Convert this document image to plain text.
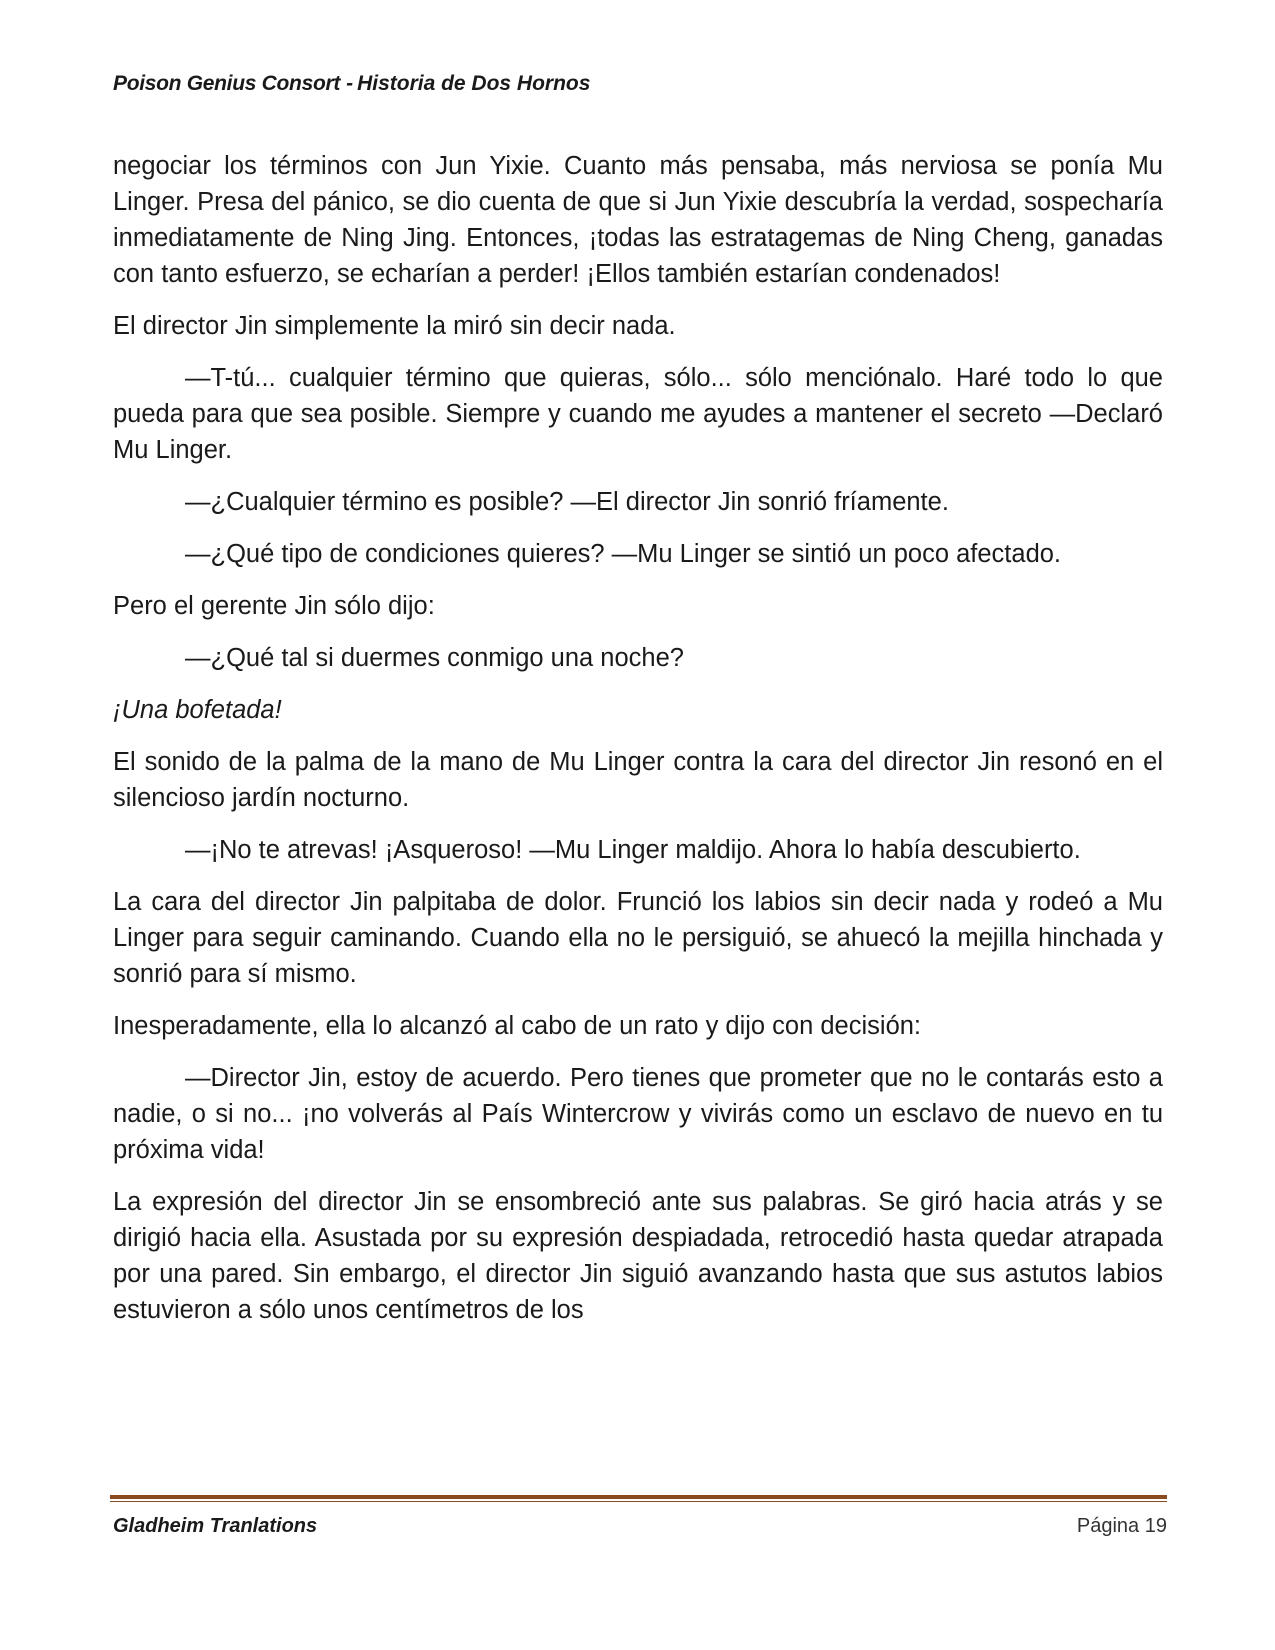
Poison Genius Consort - Historia de Dos Hornos

negociar los términos con Jun Yixie. Cuanto más pensaba, más nerviosa se ponía Mu Linger. Presa del pánico, se dio cuenta de que si Jun Yixie descubría la verdad, sospecharía inmediatamente de Ning Jing. Entonces, ¡todas las estratagemas de Ning Cheng, ganadas con tanto esfuerzo, se echarían a perder! ¡Ellos también estarían condenados!

El director Jin simplemente la miró sin decir nada.

—T-tú... cualquier término que quieras, sólo... sólo menciónalo. Haré todo lo que pueda para que sea posible. Siempre y cuando me ayudes a mantener el secreto —Declaró Mu Linger.

—¿Cualquier término es posible? —El director Jin sonrió fríamente.

—¿Qué tipo de condiciones quieres? —Mu Linger se sintió un poco afectado.

Pero el gerente Jin sólo dijo:

—¿Qué tal si duermes conmigo una noche?

¡Una bofetada!

El sonido de la palma de la mano de Mu Linger contra la cara del director Jin resonó en el silencioso jardín nocturno.

—¡No te atrevas! ¡Asqueroso! —Mu Linger maldijo. Ahora lo había descubierto.

La cara del director Jin palpitaba de dolor. Frunció los labios sin decir nada y rodeó a Mu Linger para seguir caminando. Cuando ella no le persiguió, se ahuecó la mejilla hinchada y sonrió para sí mismo.

Inesperadamente, ella lo alcanzó al cabo de un rato y dijo con decisión:

—Director Jin, estoy de acuerdo. Pero tienes que prometer que no le contarás esto a nadie, o si no... ¡no volverás al País Wintercrow y vivirás como un esclavo de nuevo en tu próxima vida!

La expresión del director Jin se ensombreció ante sus palabras. Se giró hacia atrás y se dirigió hacia ella. Asustada por su expresión despiadada, retrocedió hasta quedar atrapada por una pared. Sin embargo, el director Jin siguió avanzando hasta que sus astutos labios estuvieron a sólo unos centímetros de los

Gladheim Tranlations	Página 19
